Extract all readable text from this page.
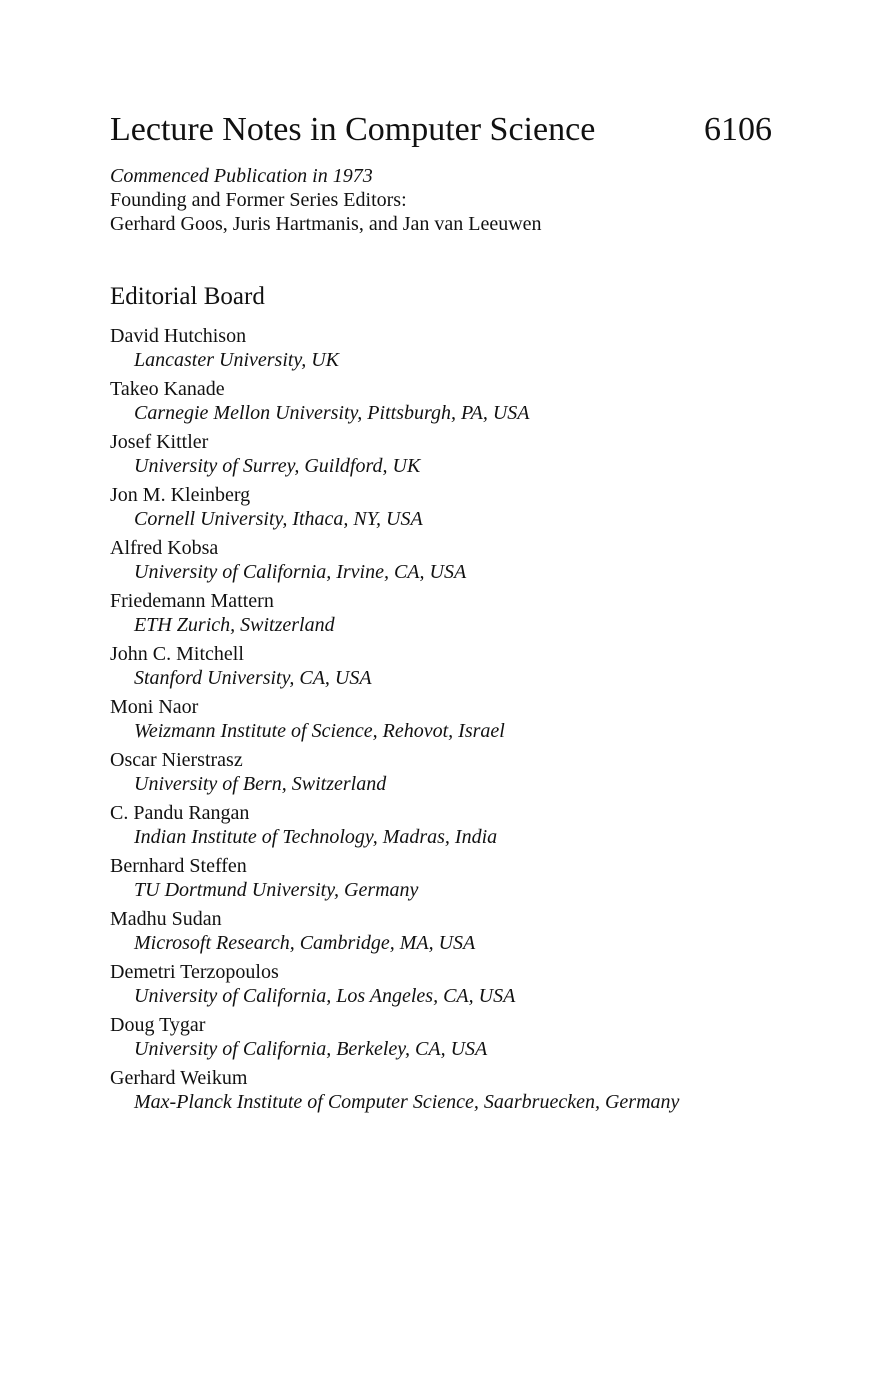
Lecture Notes in Computer Science	6106
Commenced Publication in 1973
Founding and Former Series Editors:
Gerhard Goos, Juris Hartmanis, and Jan van Leeuwen
Editorial Board
David Hutchison
Lancaster University, UK
Takeo Kanade
Carnegie Mellon University, Pittsburgh, PA, USA
Josef Kittler
University of Surrey, Guildford, UK
Jon M. Kleinberg
Cornell University, Ithaca, NY, USA
Alfred Kobsa
University of California, Irvine, CA, USA
Friedemann Mattern
ETH Zurich, Switzerland
John C. Mitchell
Stanford University, CA, USA
Moni Naor
Weizmann Institute of Science, Rehovot, Israel
Oscar Nierstrasz
University of Bern, Switzerland
C. Pandu Rangan
Indian Institute of Technology, Madras, India
Bernhard Steffen
TU Dortmund University, Germany
Madhu Sudan
Microsoft Research, Cambridge, MA, USA
Demetri Terzopoulos
University of California, Los Angeles, CA, USA
Doug Tygar
University of California, Berkeley, CA, USA
Gerhard Weikum
Max-Planck Institute of Computer Science, Saarbruecken, Germany
